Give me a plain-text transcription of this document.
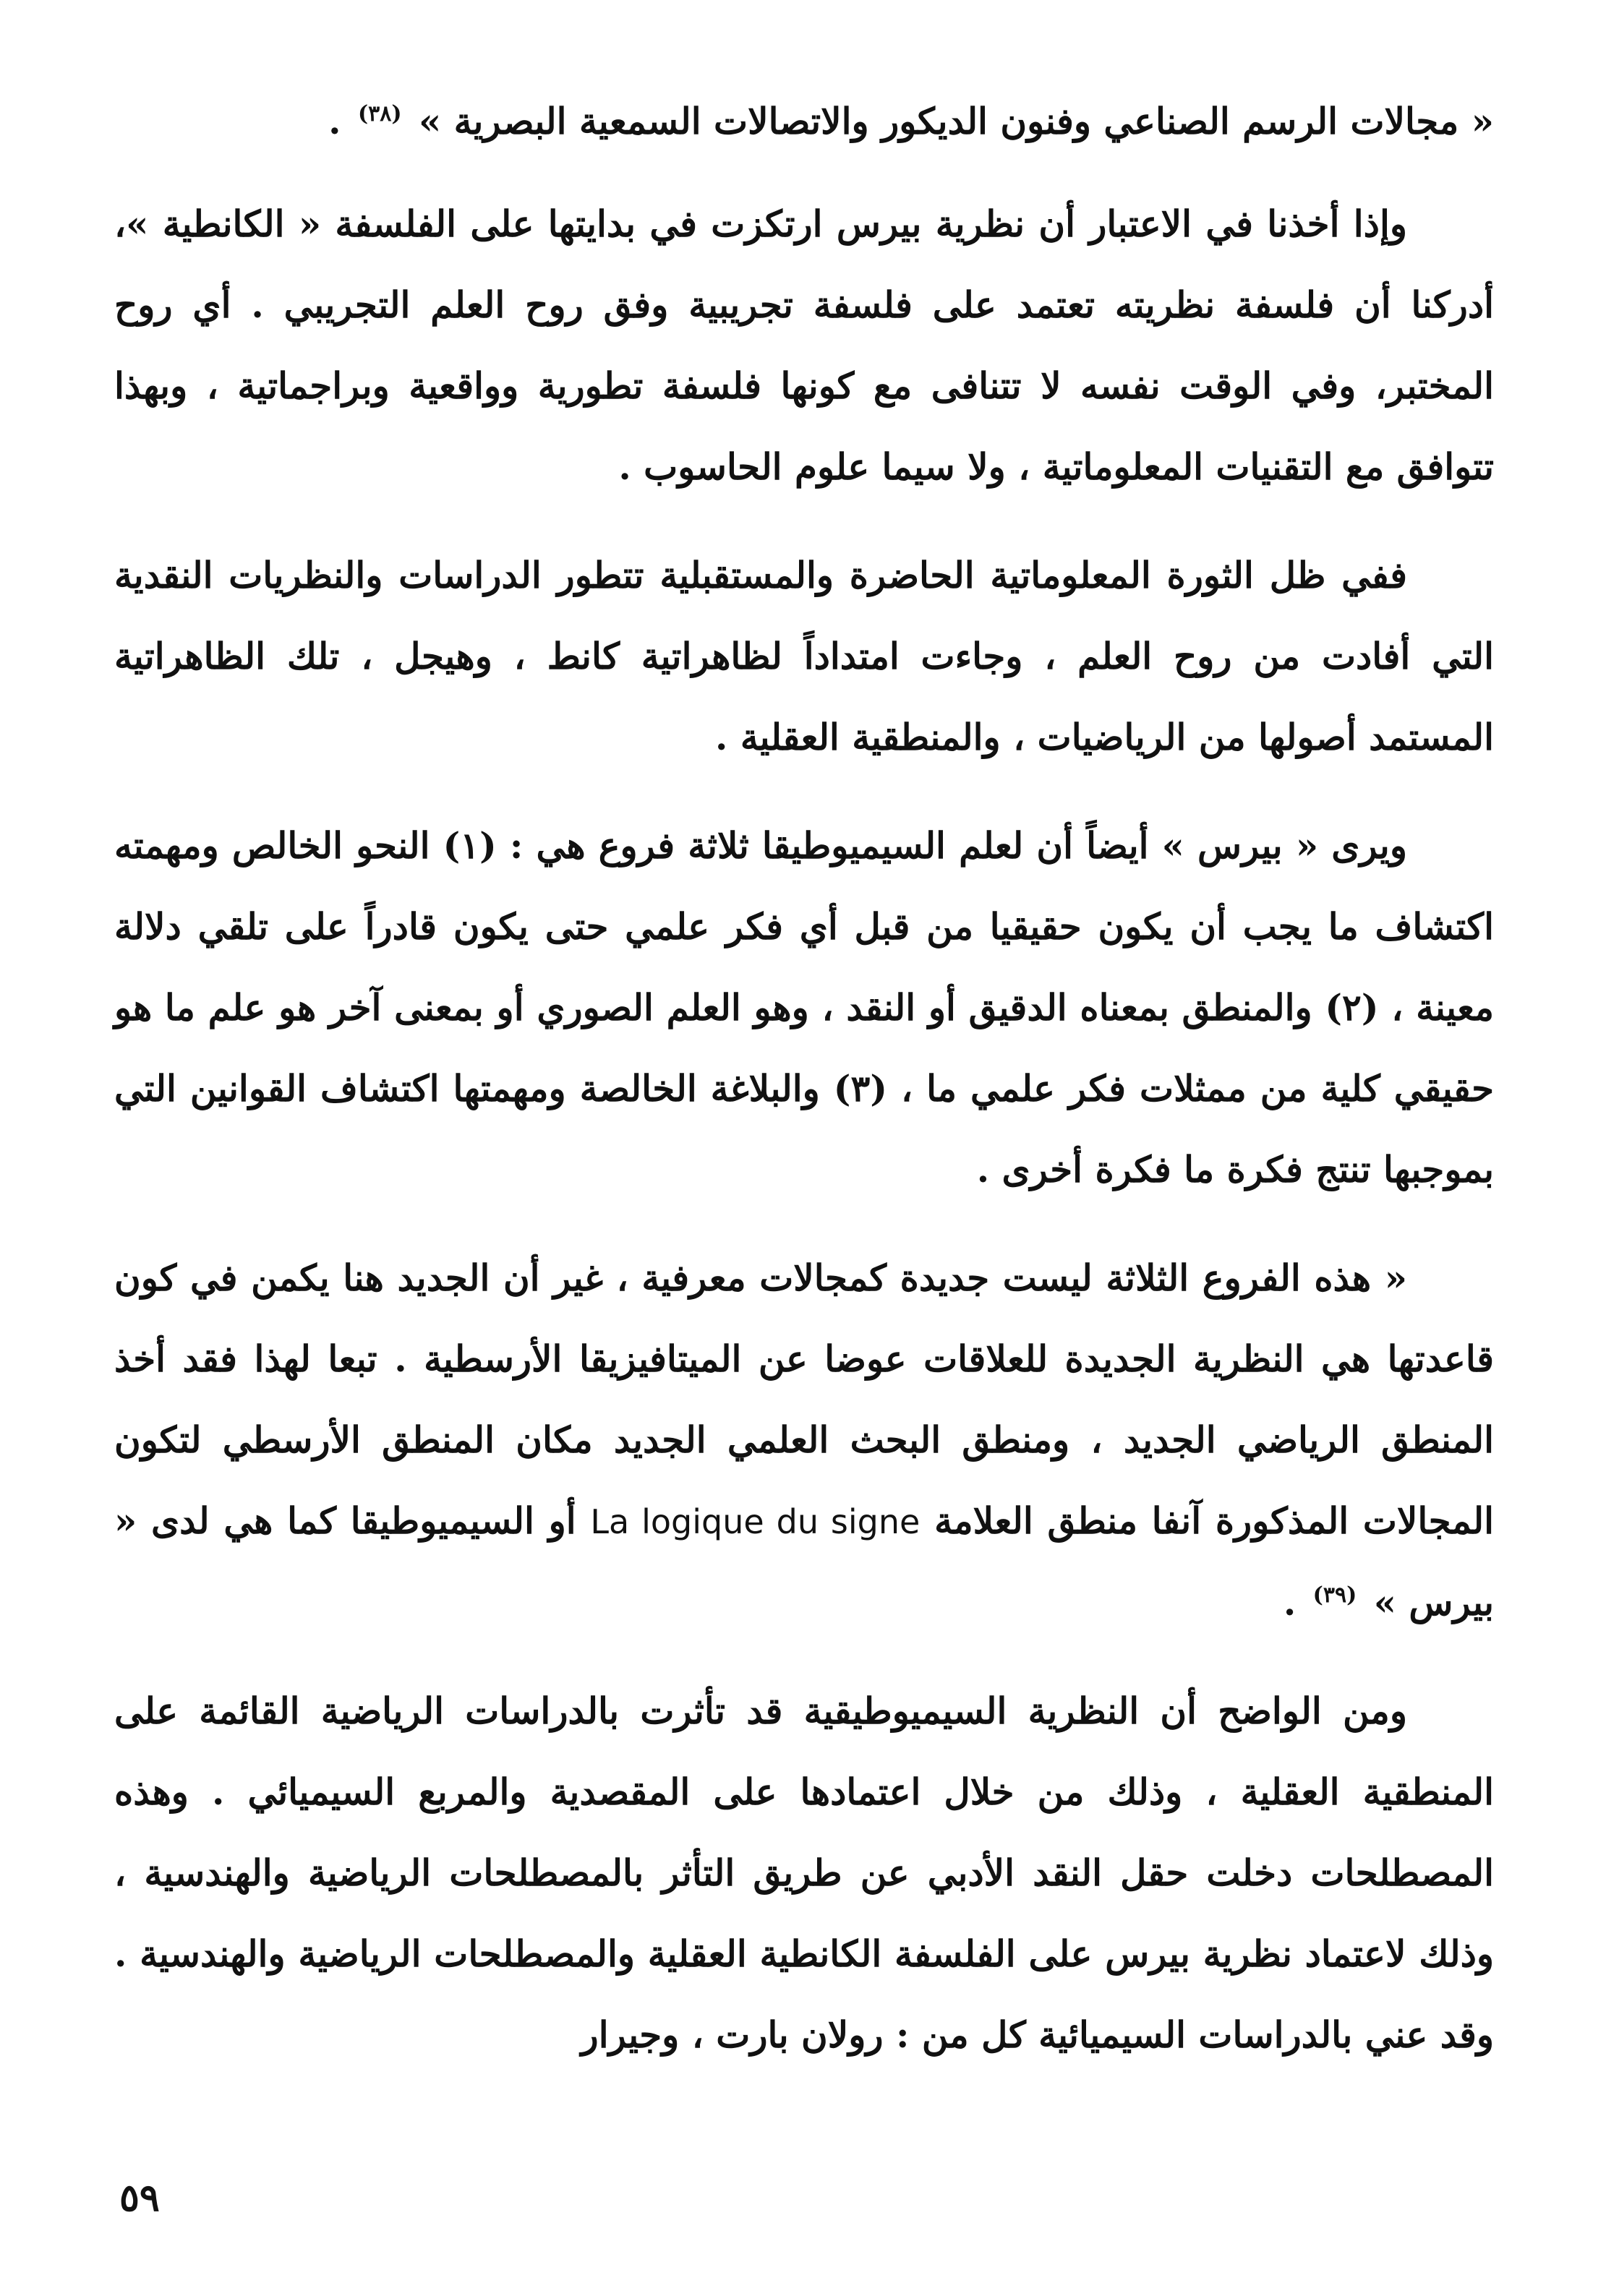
« مجالات الرسم الصناعي وفنون الديكور والاتصالات السمعية البصرية » $^{(٣٨)}$ .

وإذا أخذنا في الاعتبار أن نظرية بيرس ارتكزت في بدايتها على الفلسفة « الكانطية »، أدركنا أن فلسفة نظريته تعتمد على فلسفة تجريبية وفق روح العلم التجريبي . أي روح المختبر، وفي الوقت نفسه لا تتنافى مع كونها فلسفة تطورية وواقعية وبراجماتية ، وبهذا تتوافق مع التقنيات المعلوماتية ، ولا سيما علوم الحاسوب .

ففي ظل الثورة المعلوماتية الحاضرة والمستقبلية تتطور الدراسات والنظريات النقدية التي أفادت من روح العلم ، وجاءت امتداداً لظاهراتية كانط ، وهيجل ، تلك الظاهراتية المستمد أصولها من الرياضيات ، والمنطقية العقلية .

ويرى « بيرس » أيضاً أن لعلم السيميوطيقا ثلاثة فروع هي : (١) النحو الخالص ومهمته اكتشاف ما يجب أن يكون حقيقيا من قبل أي فكر علمي حتى يكون قادراً على تلقي دلالة معينة ، (٢) والمنطق بمعناه الدقيق أو النقد ، وهو العلم الصوري أو بمعنى آخر هو علم ما هو حقيقي كلية من ممثلات فكر علمي ما ، (٣) والبلاغة الخالصة ومهمتها اكتشاف القوانين التي بموجبها تنتج فكرة ما فكرة أخرى .

« هذه الفروع الثلاثة ليست جديدة كمجالات معرفية ، غير أن الجديد هنا يكمن في كون قاعدتها هي النظرية الجديدة للعلاقات عوضا عن الميتافيزيقا الأرسطية . تبعا لهذا فقد أخذ المنطق الرياضي الجديد ، ومنطق البحث العلمي الجديد مكان المنطق الأرسطي لتكون المجالات المذكورة آنفا منطق العلامة La logique du signe أو السيميوطيقا كما هي لدى « بيرس » $^{(٣٩)}$ .

ومن الواضح أن النظرية السيميوطيقية قد تأثرت بالدراسات الرياضية القائمة على المنطقية العقلية ، وذلك من خلال اعتمادها على المقصدية والمربع السيميائي . وهذه المصطلحات دخلت حقل النقد الأدبي عن طريق التأثر بالمصطلحات الرياضية والهندسية ، وذلك لاعتماد نظرية بيرس على الفلسفة الكانطية العقلية والمصطلحات الرياضية والهندسية . وقد عني بالدراسات السيميائية كل من : رولان بارت ، وجيرار

٥٩
